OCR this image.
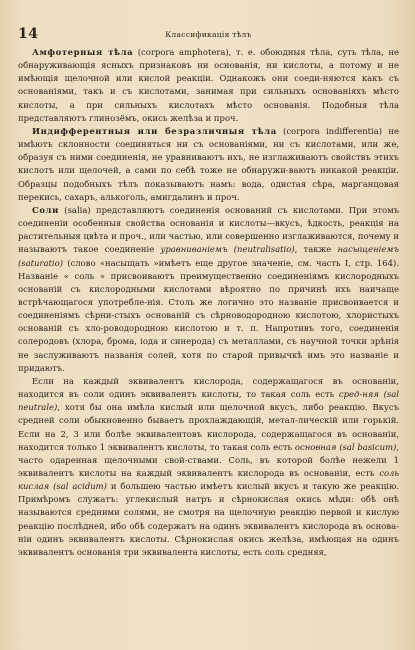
14	Классификація тѣлъ

Амфотерныя тѣла (corpora amphotera), т. е. обоюдныя тѣла, суть тѣла, не обнаруживающія ясныхъ признаковъ ни основанія, ни кислоты, а потому и не имѣющія щелочной или кислой реакціи. Однакожъ они соеди-няются какъ съ основаніями, такъ и съ кислотами, занимая при сильныхъ основаніяхъ мѣсто кислоты, а при сильныхъ кислотахъ мѣсто основанія. Подобныя тѣла представляютъ глинозёмъ, окись желѣза и проч.

Индифферентныя или безразличныя тѣла (corpora indifferentia) не имѣютъ склонности соединяться ни съ основаніями, ни съ кислотами, или же, образуя съ ними соединенія, не уравниваютъ ихъ, не изглаживаютъ свойствъ этихъ кислотъ или щелочей, а сами по себѣ тоже не обнаружи-ваютъ никакой реакціи. Образцы подобныхъ тѣлъ показываютъ намъ: вода, одистая сѣра, марганцовая перекись, сахаръ, алькоголь, амигдалинъ и проч.

Соли (salia) представляютъ соединенія оснований съ кислотами. При этомъ соединеніи особенныя свойства основанія и кислоты—вкусъ, ѣдкость, реакція на растительныя цвѣта и проч., или частью, или совершенно изглаживаются, почему и называютъ такое соединеніе уравниваніемъ (neutralisatio), также насыщеніемъ (saturatio) (слово «насыщать »имѣетъ еще другое значеніе, см. часть I, стр. 164). Названіе « соль » присвоиваютъ преимущественно соединеніямъ кислородныхъ основаній съ кислородными кислотами вѣроятно по причинѣ ихъ наичаще встрѣчающагося употребле-нія. Столь же логично это названіе присвоивается и соединеніямъ сѣрни-стыхъ основаній съ сѣрноводородною кислотою, хлористыхъ основаній съ хло-роводородною кислотою и т. п. Напротивъ того, соединенія солеродовъ (хлора, брома, іода и синерода) съ металлами, съ научной точки зрѣнія не заслуживаютъ названія солей, хотя по старой привычкѣ имъ это названіе и придаютъ.

Если на каждый эквивалентъ кислорода, содержащагося въ основаніи, находится въ соли одинъ эквивалентъ кислоты, то такая соль есть сред-няя (sal neutrale), хотя бы она имѣла кислый или щелочной вкусъ, либо реакцію. Вкусъ средней соли обыкновенно бываетъ прохлаждающій, метал-лическій или горькій. Если на 2, 3 или болѣе эквивалентовъ кислорода, содержащагося въ основаніи, находится только 1 эквивалентъ кислоты, то такая соль есть основная (sal basicum), часто одаренная щелочными свой-ствами. Соль, въ которой болѣе нежели 1 эквивалентъ кислоты на каждый эквивалентъ кислорода въ основаніи, есть соль кислая (sal acidum) и большею частью имѣетъ кислый вкусъ и такую же реакцію. Примѣромъ служатъ: углекислый натръ и сѣрнокислая окись мѣди: обѣ онѣ называются средними солями, не смотря на щелочную реакцію первой и кислую реакцію послѣдней, ибо обѣ содержатъ на одинъ эквивалентъ кислорода въ основа-ніи одинъ эквивалентъ кислоты. Сѣрнокислая окись желѣза, имѣющая на одинъ эквивалентъ основанія три эквивалента кислоты, есть соль средняя,
